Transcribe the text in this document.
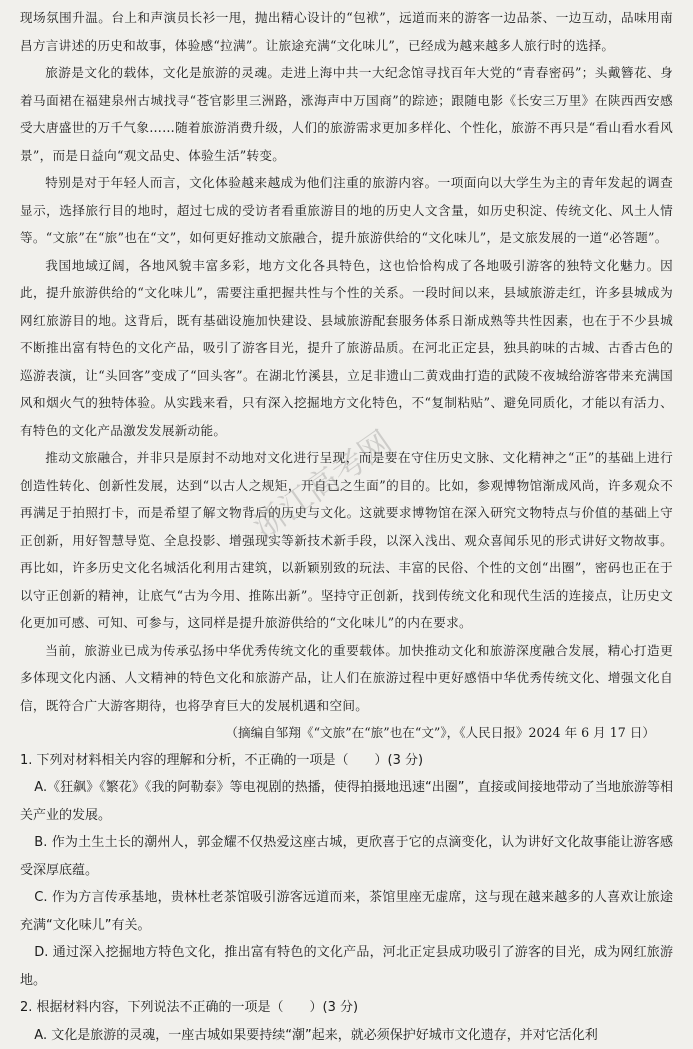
现场氛围升温。台上和声演员长衫一甩，抛出精心设计的“包袱”，远道而来的游客一边品茶、一边互动，品味用南昌方言讲述的历史和故事，体验感“拉满”。让旅途充满“文化味儿”，已经成为越来越多人旅行时的选择。

旅游是文化的载体，文化是旅游的灵魂。走进上海中共一大纪念馆寻找百年大党的“青春密码”；头戴簪花、身着马面裙在福建泉州古城找寻“苍官影里三洲路，涨海声中万国商”的踪迹；跟随电影《长安三万里》在陕西西安感受大唐盛世的万千气象……随着旅游消费升级，人们的旅游需求更加多样化、个性化，旅游不再只是“看山看水看风景”，而是日益向“观文品史、体验生活”转变。

特别是对于年轻人而言，文化体验越来越成为他们注重的旅游内容。一项面向以大学生为主的青年发起的调查显示，选择旅行目的地时，超过七成的受访者看重旅游目的地的历史人文含量，如历史积淀、传统文化、风土人情等。“文旅”在“旅”也在“文”，如何更好推动文旅融合，提升旅游供给的“文化味儿”，是文旅发展的一道“必答题”。

我国地域辽阔，各地风貌丰富多彩，地方文化各具特色，这也恰恰构成了各地吸引游客的独特文化魅力。因此，提升旅游供给的“文化味儿”，需要注重把握共性与个性的关系。一段时间以来，县域旅游走红，许多县城成为网红旅游目的地。这背后，既有基础设施加快建设、县域旅游配套服务体系日渐成熟等共性因素，也在于不少县城不断推出富有特色的文化产品，吸引了游客目光，提升了旅游品质。在河北正定县，独具韵味的古城、古香古色的巡游表演，让“头回客”变成了“回头客”。在湖北竹溪县，立足非遗山二黄戏曲打造的武陵不夜城给游客带来充满国风和烟火气的独特体验。从实践来看，只有深入挖掘地方文化特色，不“复制粘贴”、避免同质化，才能以有活力、有特色的文化产品激发发展新动能。

推动文旅融合，并非只是原封不动地对文化进行呈现，而是要在守住历史文脉、文化精神之“正”的基础上进行创造性转化、创新性发展，达到“以古人之规矩，开自己之生面”的目的。比如，参观博物馆渐成风尚，许多观众不再满足于拍照打卡，而是希望了解文物背后的历史与文化。这就要求博物馆在深入研究文物特点与价值的基础上守正创新，用好智慧导览、全息投影、增强现实等新技术新手段，以深入浅出、观众喜闻乐见的形式讲好文物故事。再比如，许多历史文化名城活化利用古建筑，以新颖别致的玩法、丰富的民俗、个性的文创“出圈”，密码也正在于以守正创新的精神，让底气“古为今用、推陈出新”。坚持守正创新，找到传统文化和现代生活的连接点，让历史文化更加可感、可知、可参与，这同样是提升旅游供给的“文化味儿”的内在要求。

当前，旅游业已成为传承弘扬中华优秀传统文化的重要载体。加快推动文化和旅游深度融合发展，精心打造更多体现文化内涵、人文精神的特色文化和旅游产品，让人们在旅游过程中更好感悟中华优秀传统文化、增强文化自信，既符合广大游客期待，也将孕育巨大的发展机遇和空间。

（摘编自邹翔《“文旅”在“旅”也在“文”》，《人民日报》2024 年 6 月 17 日）

1. 下列对材料相关内容的理解和分析，不正确的一项是（　　）(3 分)

A.《狂飙》《繁花》《我的阿勒泰》等电视剧的热播，使得拍摄地迅速“出圈”，直接或间接地带动了当地旅游等相关产业的发展。

B. 作为土生土长的潮州人，郭金耀不仅热爱这座古城，更欣喜于它的点滴变化，认为讲好文化故事能让游客感受深厚底蕴。

C. 作为方言传承基地，贵林杜老茶馆吸引游客远道而来，茶馆里座无虚席，这与现在越来越多的人喜欢让旅途充满“文化味儿”有关。

D. 通过深入挖掘地方特色文化，推出富有特色的文化产品，河北正定县成功吸引了游客的目光，成为网红旅游地。

2. 根据材料内容，下列说法不正确的一项是（　　）(3 分)

A. 文化是旅游的灵魂，一座古城如果要持续“潮”起来，就必须保护好城市文化遗存，并对它活化利

浙江高考网
